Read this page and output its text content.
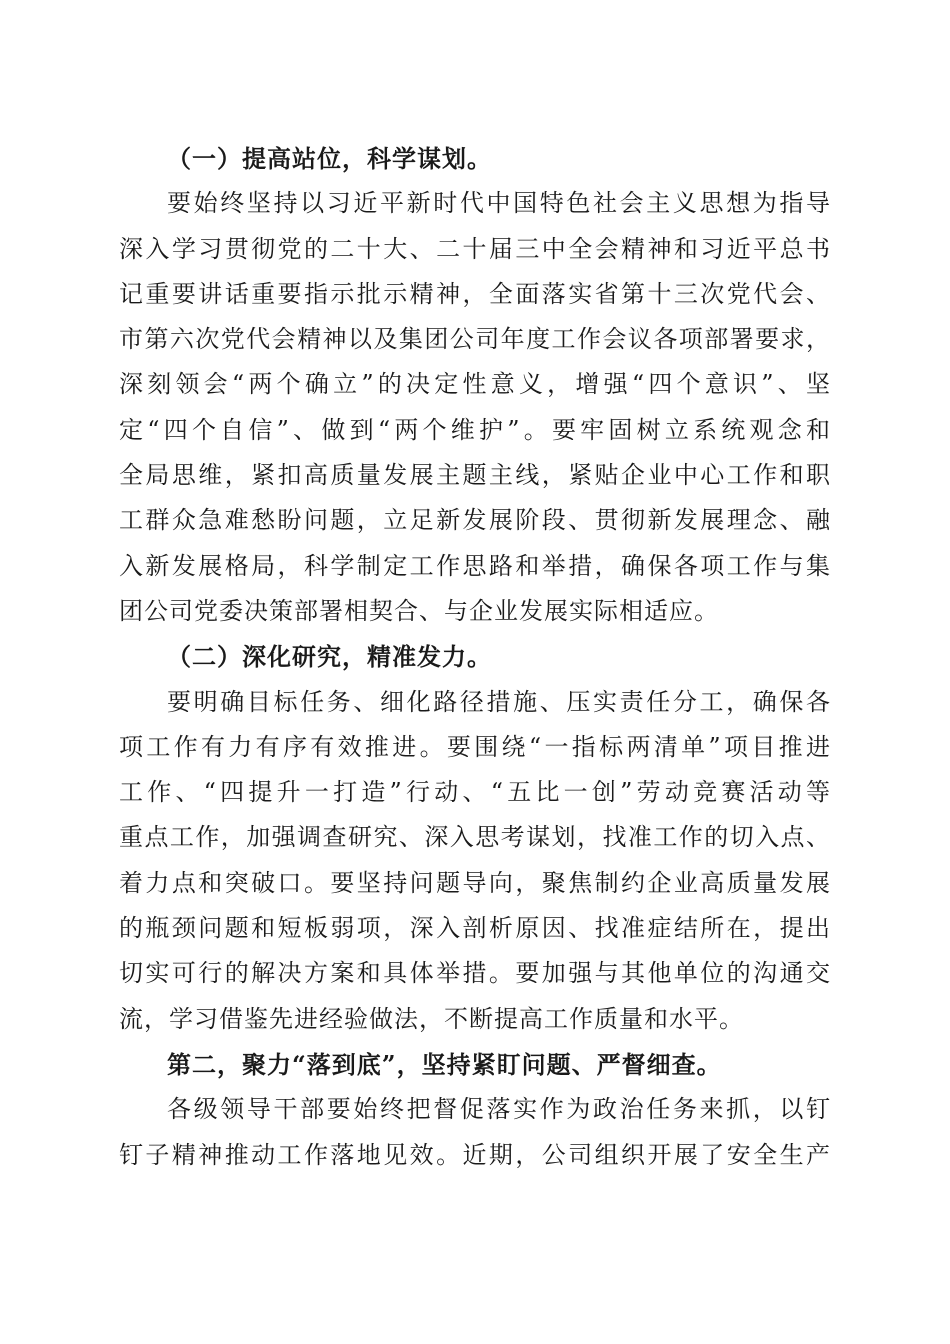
（一）提高站位，科学谋划。
要始终坚持以习近平新时代中国特色社会主义思想为指导
深入学习贯彻党的二十大、二十届三中全会精神和习近平总书
记重要讲话重要指示批示精神，全面落实省第十三次党代会、
市第六次党代会精神以及集团公司年度工作会议各项部署要求，
深刻领会“两个确立”的决定性意义，增强“四个意识”、坚
定“四个自信”、做到“两个维护”。要牢固树立系统观念和
全局思维，紧扣高质量发展主题主线，紧贴企业中心工作和职
工群众急难愁盼问题，立足新发展阶段、贯彻新发展理念、融
入新发展格局，科学制定工作思路和举措，确保各项工作与集
团公司党委决策部署相契合、与企业发展实际相适应。
（二）深化研究，精准发力。
要明确目标任务、细化路径措施、压实责任分工，确保各
项工作有力有序有效推进。要围绕“一指标两清单”项目推进
工作、“四提升一打造”行动、“五比一创”劳动竞赛活动等
重点工作，加强调查研究、深入思考谋划，找准工作的切入点、
着力点和突破口。要坚持问题导向，聚焦制约企业高质量发展
的瓶颈问题和短板弱项，深入剖析原因、找准症结所在，提出
切实可行的解决方案和具体举措。要加强与其他单位的沟通交
流，学习借鉴先进经验做法，不断提高工作质量和水平。
第二，聚力“落到底”，坚持紧盯问题、严督细查。
各级领导干部要始终把督促落实作为政治任务来抓，以钉
钉子精神推动工作落地见效。近期，公司组织开展了安全生产
